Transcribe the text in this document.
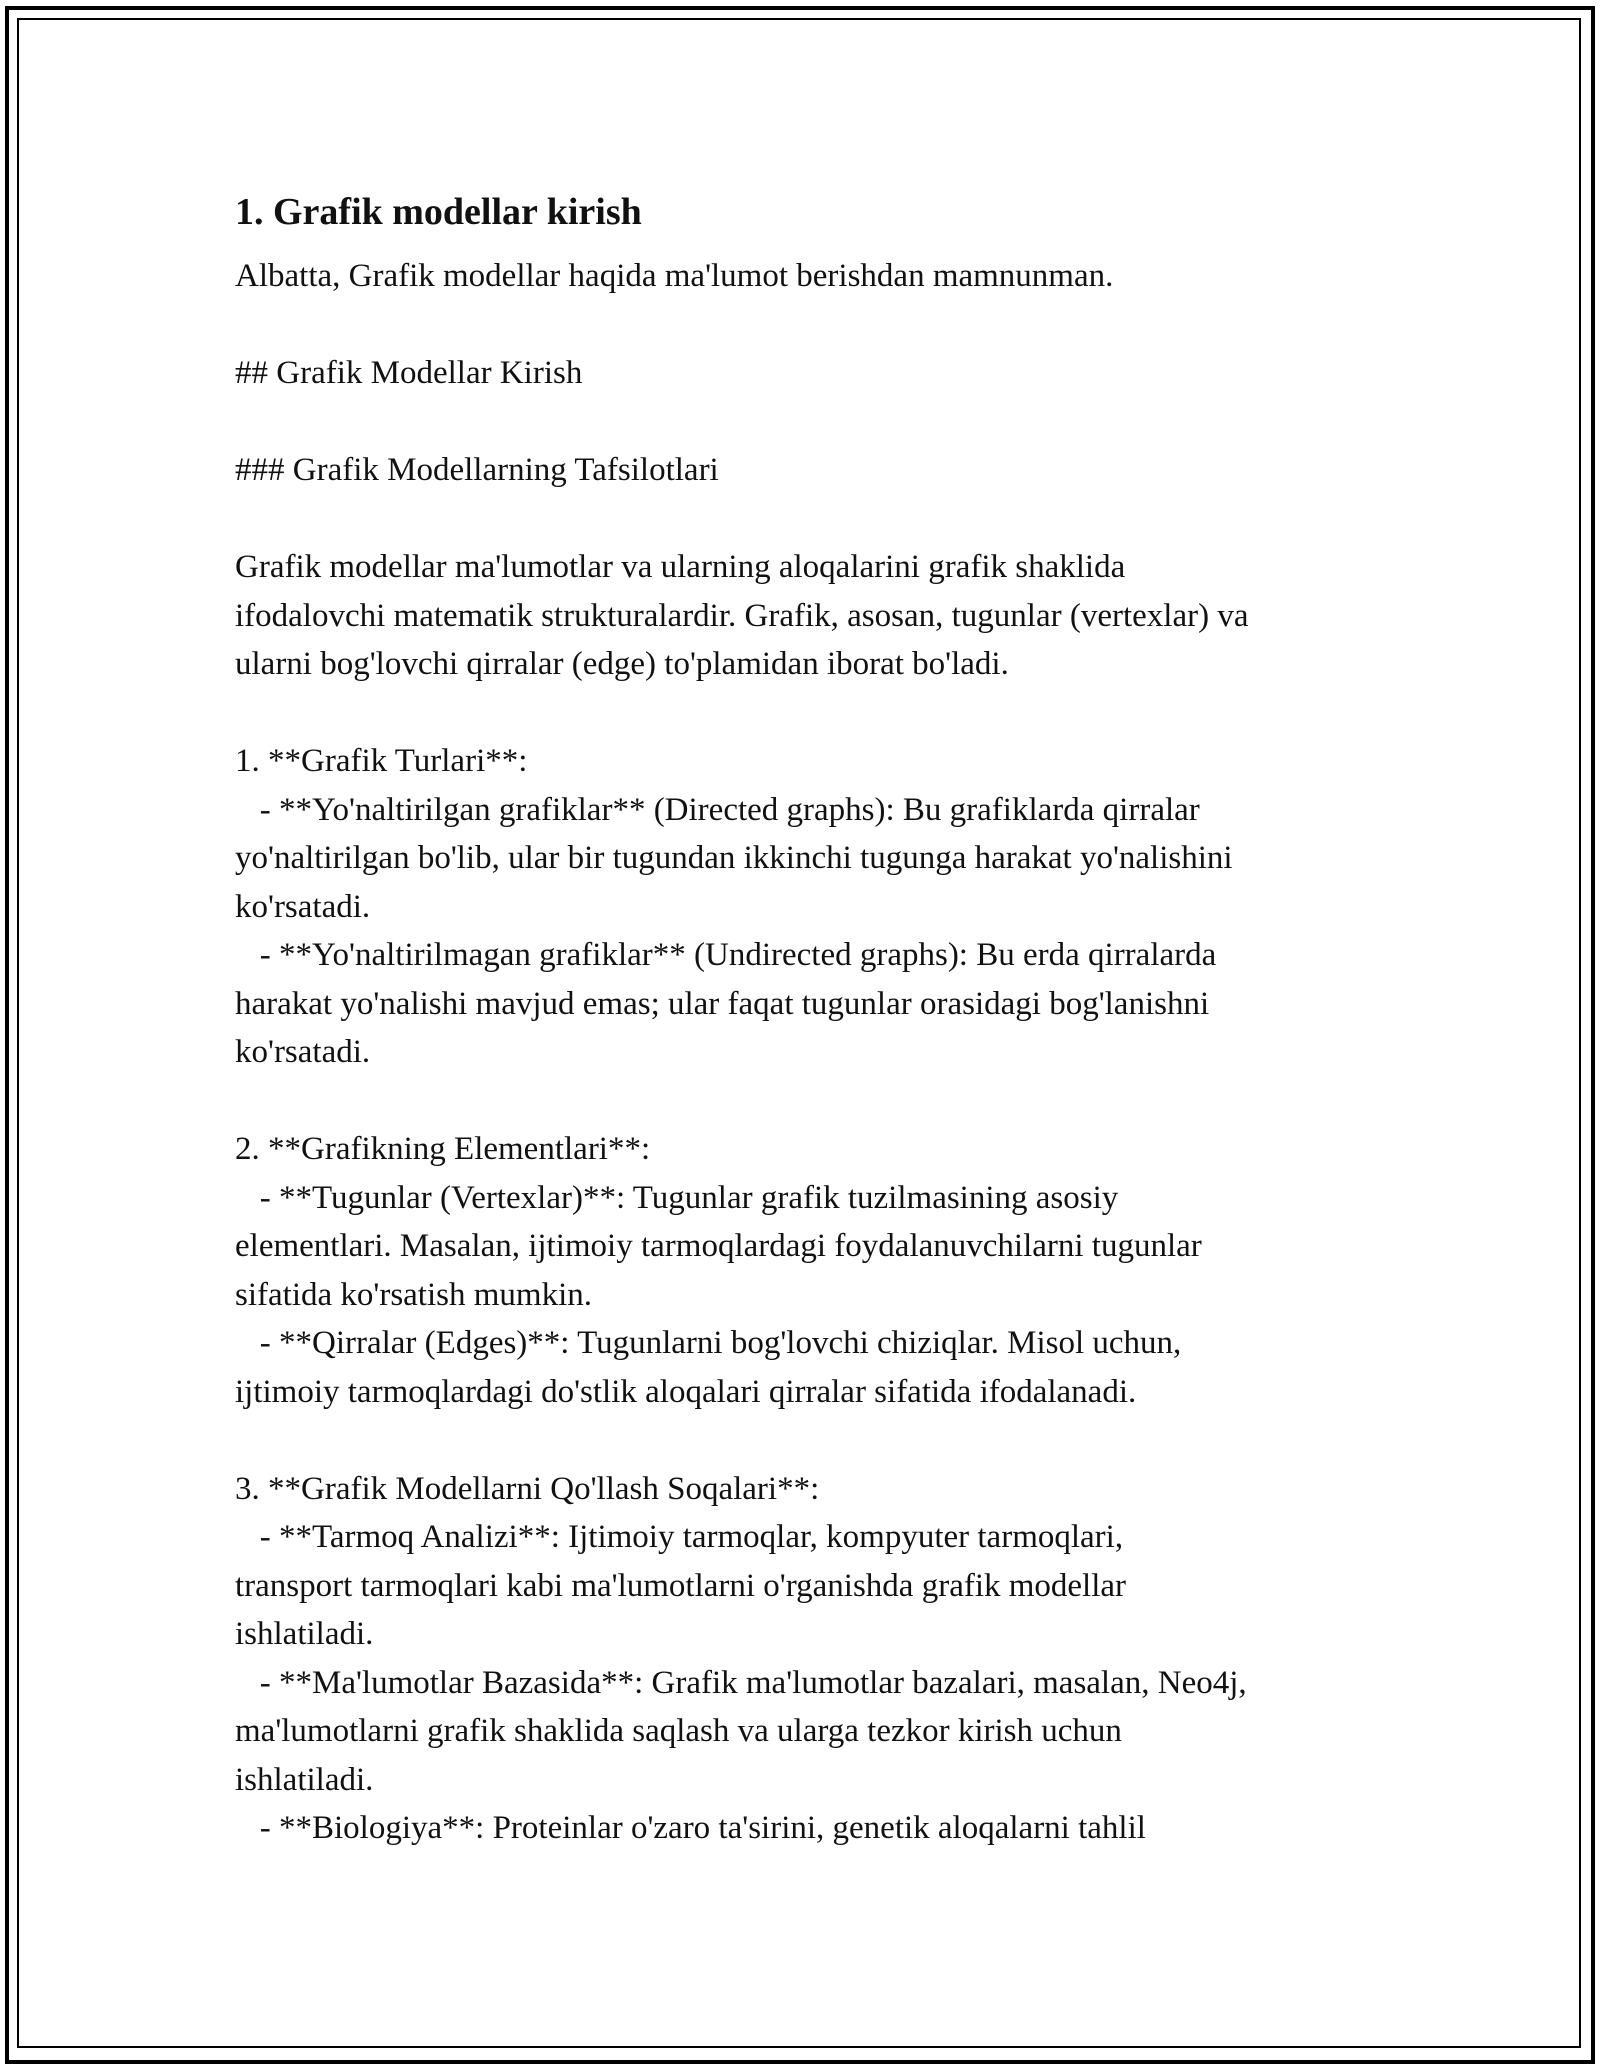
1. Grafik modellar kirish

Albatta, Grafik modellar haqida ma'lumot berishdan mamnunman.

## Grafik Modellar Kirish

### Grafik Modellarning Tafsilotlari

Grafik modellar ma'lumotlar va ularning aloqalarini grafik shaklida

ifodalovchi matematik strukturalardir. Grafik, asosan, tugunlar (vertexlar) va

ularni bog'lovchi qirralar (edge) to'plamidan iborat bo'ladi.

1. **Grafik Turlari**:

- **Yo'naltirilgan grafiklar** (Directed graphs): Bu grafiklarda qirralar

yo'naltirilgan bo'lib, ular bir tugundan ikkinchi tugunga harakat yo'nalishini

ko'rsatadi.

- **Yo'naltirilmagan grafiklar** (Undirected graphs): Bu erda qirralarda

harakat yo'nalishi mavjud emas; ular faqat tugunlar orasidagi bog'lanishni

ko'rsatadi.

2. **Grafikning Elementlari**:

- **Tugunlar (Vertexlar)**: Tugunlar grafik tuzilmasining asosiy

elementlari. Masalan, ijtimoiy tarmoqlardagi foydalanuvchilarni tugunlar

sifatida ko'rsatish mumkin.

- **Qirralar (Edges)**: Tugunlarni bog'lovchi chiziqlar. Misol uchun,

ijtimoiy tarmoqlardagi do'stlik aloqalari qirralar sifatida ifodalanadi.

3. **Grafik Modellarni Qo'llash Soqalari**:

- **Tarmoq Analizi**: Ijtimoiy tarmoqlar, kompyuter tarmoqlari,

transport tarmoqlari kabi ma'lumotlarni o'rganishda grafik modellar

ishlatiladi.

- **Ma'lumotlar Bazasida**: Grafik ma'lumotlar bazalari, masalan, Neo4j,

ma'lumotlarni grafik shaklida saqlash va ularga tezkor kirish uchun

ishlatiladi.

- **Biologiya**: Proteinlar o'zaro ta'sirini, genetik aloqalarni tahlil
